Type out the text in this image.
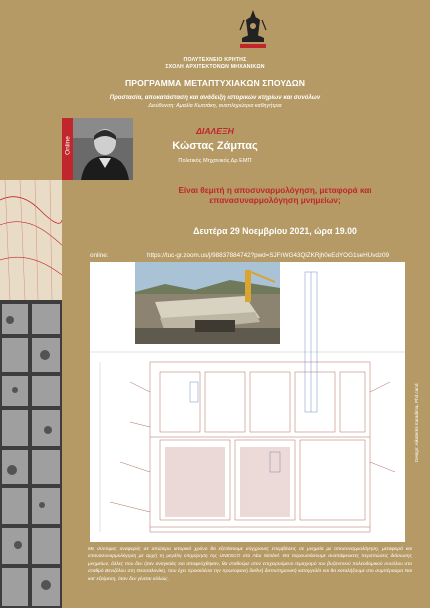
ΠΟΛΥΤΕΧΝΕΙΟ ΚΡΗΤΗΣ
ΣΧΟΛΗ ΑΡΧΙΤΕΚΤΟΝΩΝ ΜΗΧΑΝΙΚΩΝ
ΠΡΟΓΡΑΜΜΑ ΜΕΤΑΠΤΥΧΙΑΚΩΝ ΣΠΟΥΔΩΝ
Προστασία, αποκατάσταση και ανάδειξη ιστορικών κτηρίων και συνόλων
Διεύθυνση: Αμαλία Κωτσάκη, αναπληρώτρια καθηγήτρια
Online
ΔΙΑΛΕΞΗ
Κώστας Ζάμπας
Πολιτικός Μηχανικός Δρ ΕΜΠ
Είναι θεμιτή η αποσυναρμολόγηση, μεταφορά και επανασυναρμολόγηση μνημείων;
Δευτέρα 29 Νοεμβρίου 2021, ώρα 19.00
online:	https://tuc-gr.zoom.us/j/98837884742?pwd=SJFrWG43QlZKRjh0eEdYOG1seHUvdz09
Design: Aikaterini Karadima, Phd cand.
Με σύντομες αναφορές σε απώτερο ιστορικό χρόνο θα εξετάσουμε σύγχρονες επεμβάσεις σε μνημεία με αποσυναρμολόγηση, μεταφορά και επανασυναρμολόγηση με αρχή τη μεγάλη επιχείρηση της UNESCO στο Abu Simbel. Θα παρουσιάσουμε αναπάφευκτες περιπτώσεις διάσωσης μνημείων, άλλες που δεν ήταν αναγκαίες και αποφεύχθηκαν, θα σταθούμε στον επιχειρούμενο τεμαχισμό του βυζαντινού πολεοδομικού συνόλου στο σταθμό Βενιζέλου στη Θεσσαλονίκη, που έχει προκαλέσει την πρωτοφανή διεθνή διεπιστημονική καταγγελία και θα καταλήξουμε στο συμπέρασμα Ναι και' εξαίρεση, όταν δεν γίνεται αλλιώς.
